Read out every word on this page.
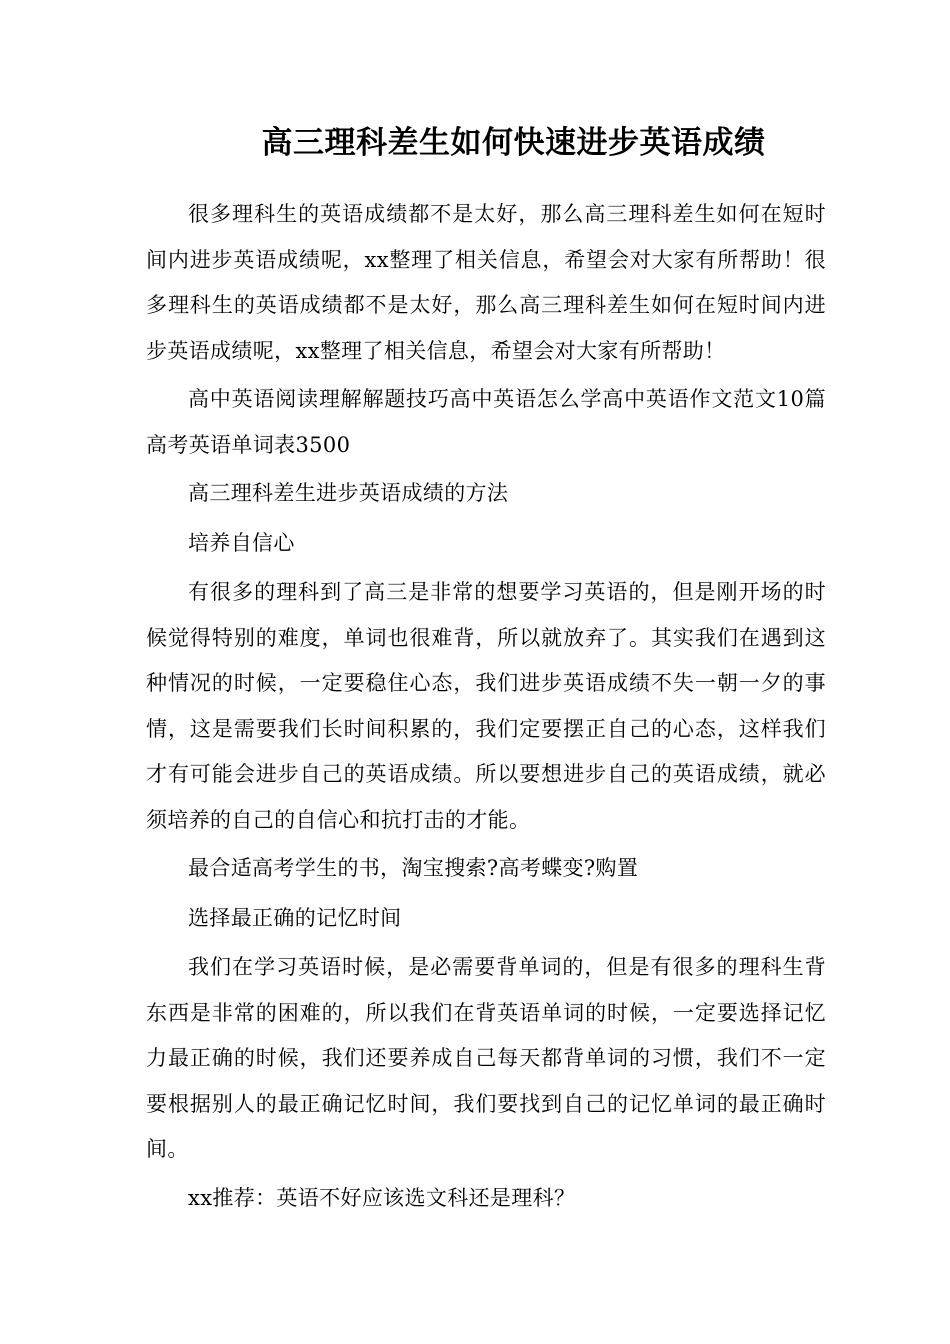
高三理科差生如何快速进步英语成绩

很多理科生的英语成绩都不是太好，那么高三理科差生如何在短时间内进步英语成绩呢，xx整理了相关信息，希望会对大家有所帮助！很多理科生的英语成绩都不是太好，那么高三理科差生如何在短时间内进步英语成绩呢，xx整理了相关信息，希望会对大家有所帮助！

高中英语阅读理解解题技巧高中英语怎么学高中英语作文范文10篇高考英语单词表3500

高三理科差生进步英语成绩的方法

培养自信心

有很多的理科到了高三是非常的想要学习英语的，但是刚开场的时候觉得特别的难度，单词也很难背，所以就放弃了。其实我们在遇到这种情况的时候，一定要稳住心态，我们进步英语成绩不失一朝一夕的事情，这是需要我们长时间积累的，我们定要摆正自己的心态，这样我们才有可能会进步自己的英语成绩。所以要想进步自己的英语成绩，就必须培养的自己的自信心和抗打击的才能。

最合适高考学生的书，淘宝搜索?高考蝶变?购置

选择最正确的记忆时间

我们在学习英语时候，是必需要背单词的，但是有很多的理科生背东西是非常的困难的，所以我们在背英语单词的时候，一定要选择记忆力最正确的时候，我们还要养成自己每天都背单词的习惯，我们不一定要根据别人的最正确记忆时间，我们要找到自己的记忆单词的最正确时间。

xx推荐：英语不好应该选文科还是理科？
